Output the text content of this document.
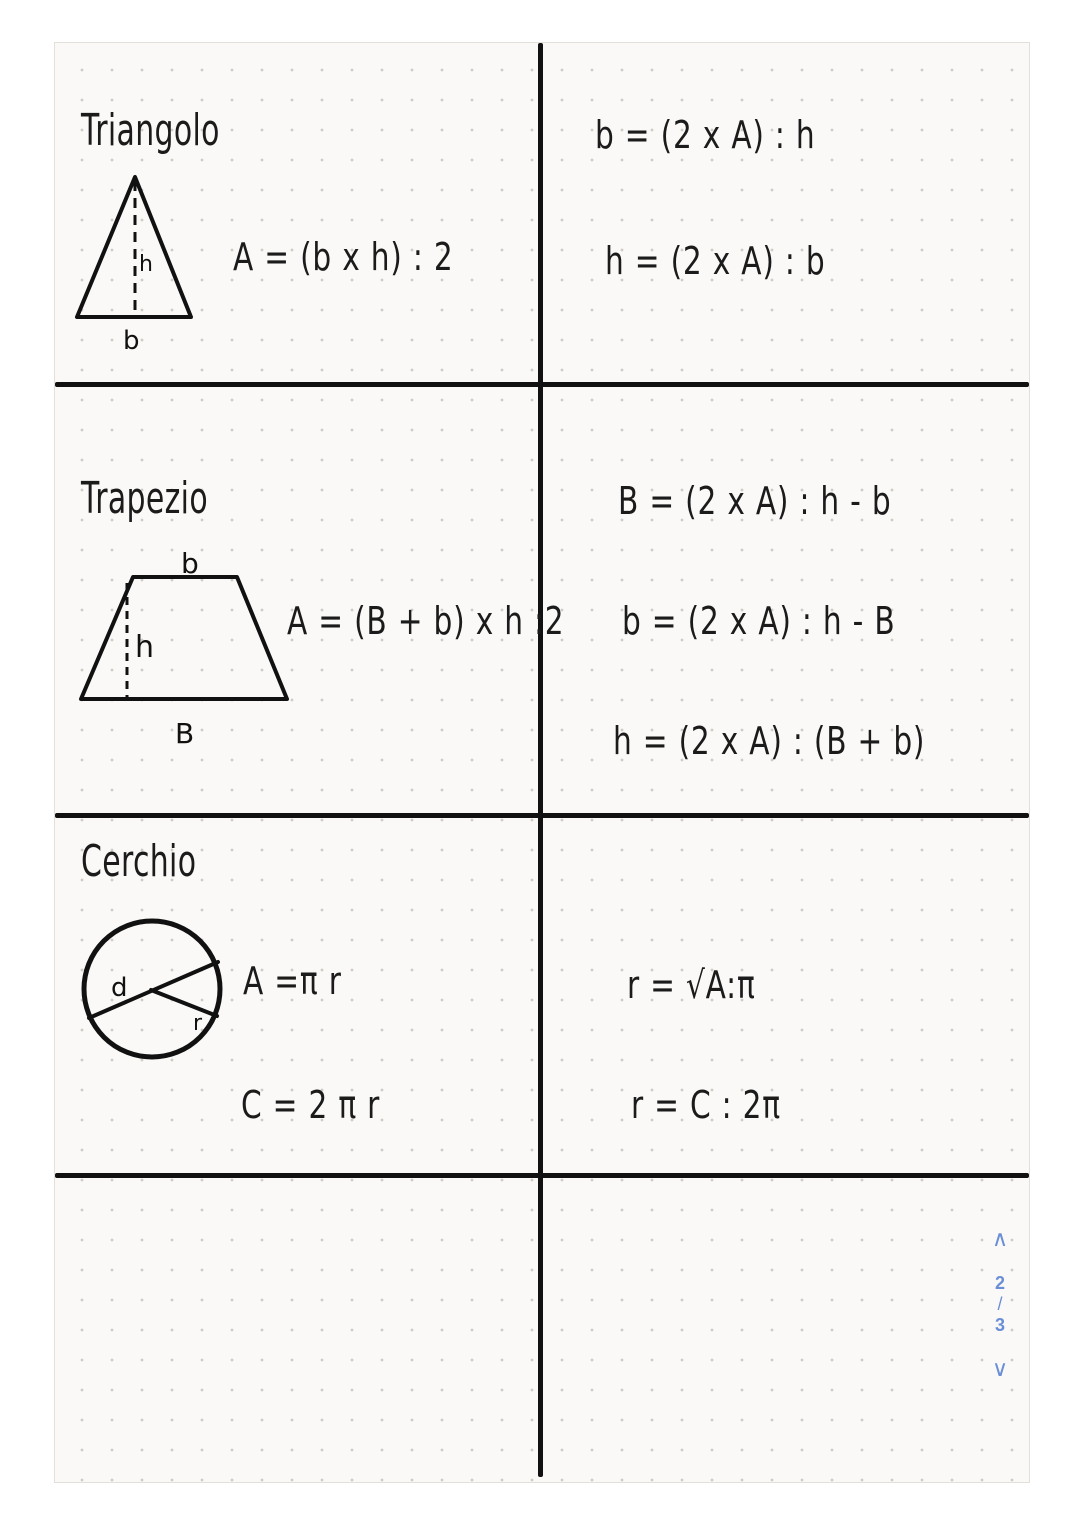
Triangolo
h
b
A = (b x h) : 2
b = (2 x A) : h
h = (2 x A) : b
Trapezio
b
h
B
A = (B + b) x h :2
B = (2 x A) : h - b
b = (2 x A) : h - B
h = (2 x A) : (B + b)
Cerchio
d
r
A =π r
C = 2 π r
r = √A:π
r = C : 2π
∧
2
/
3
∨
